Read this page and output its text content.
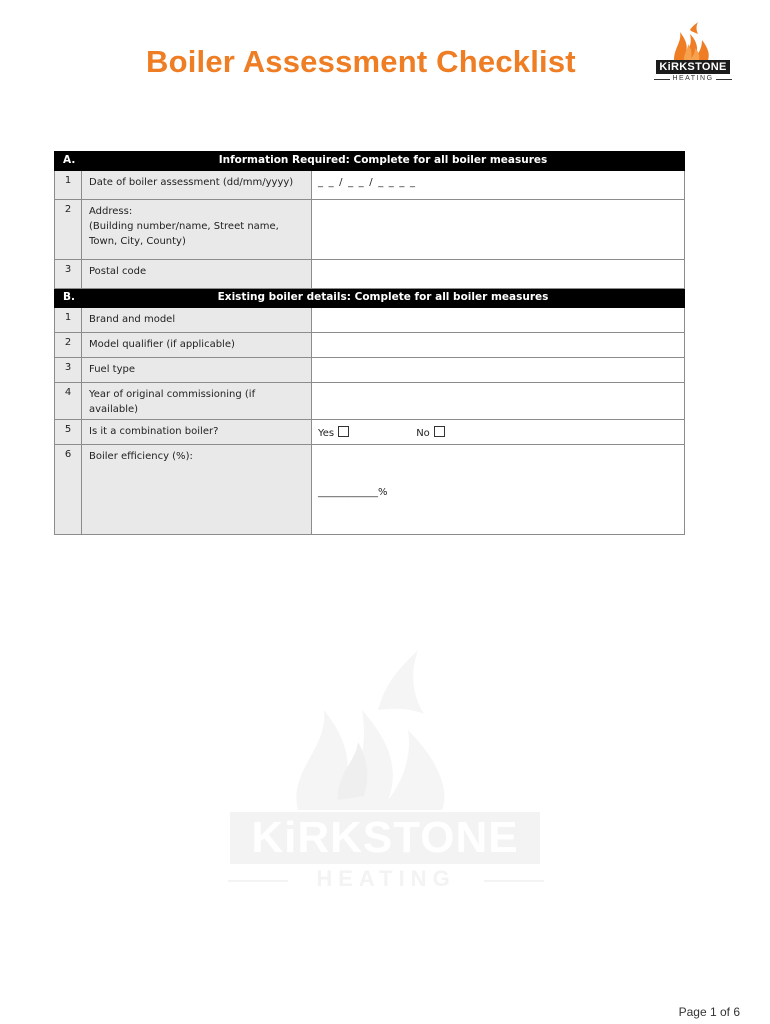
Boiler Assessment Checklist	KiRKSTONE
HEATING
KiRKSTONE
HEATING
A.	Information Required: Complete for all boiler measures	
1	Date of boiler assessment (dd/mm/yyyy)	_ _ / _ _ / _ _ _ _
2	Address:
(Building number/name, Street name, Town, City, County)	
3	Postal code	
B.	Existing boiler details: Complete for all boiler measures	
1	Brand and model	
2	Model qualifier (if applicable)	
3	Fuel type	
4	Year of original commissioning (if available)	
5	Is it a combination boiler?	Yes No
6	Boiler efficiency (%):	____________%
Page 1 of 6
